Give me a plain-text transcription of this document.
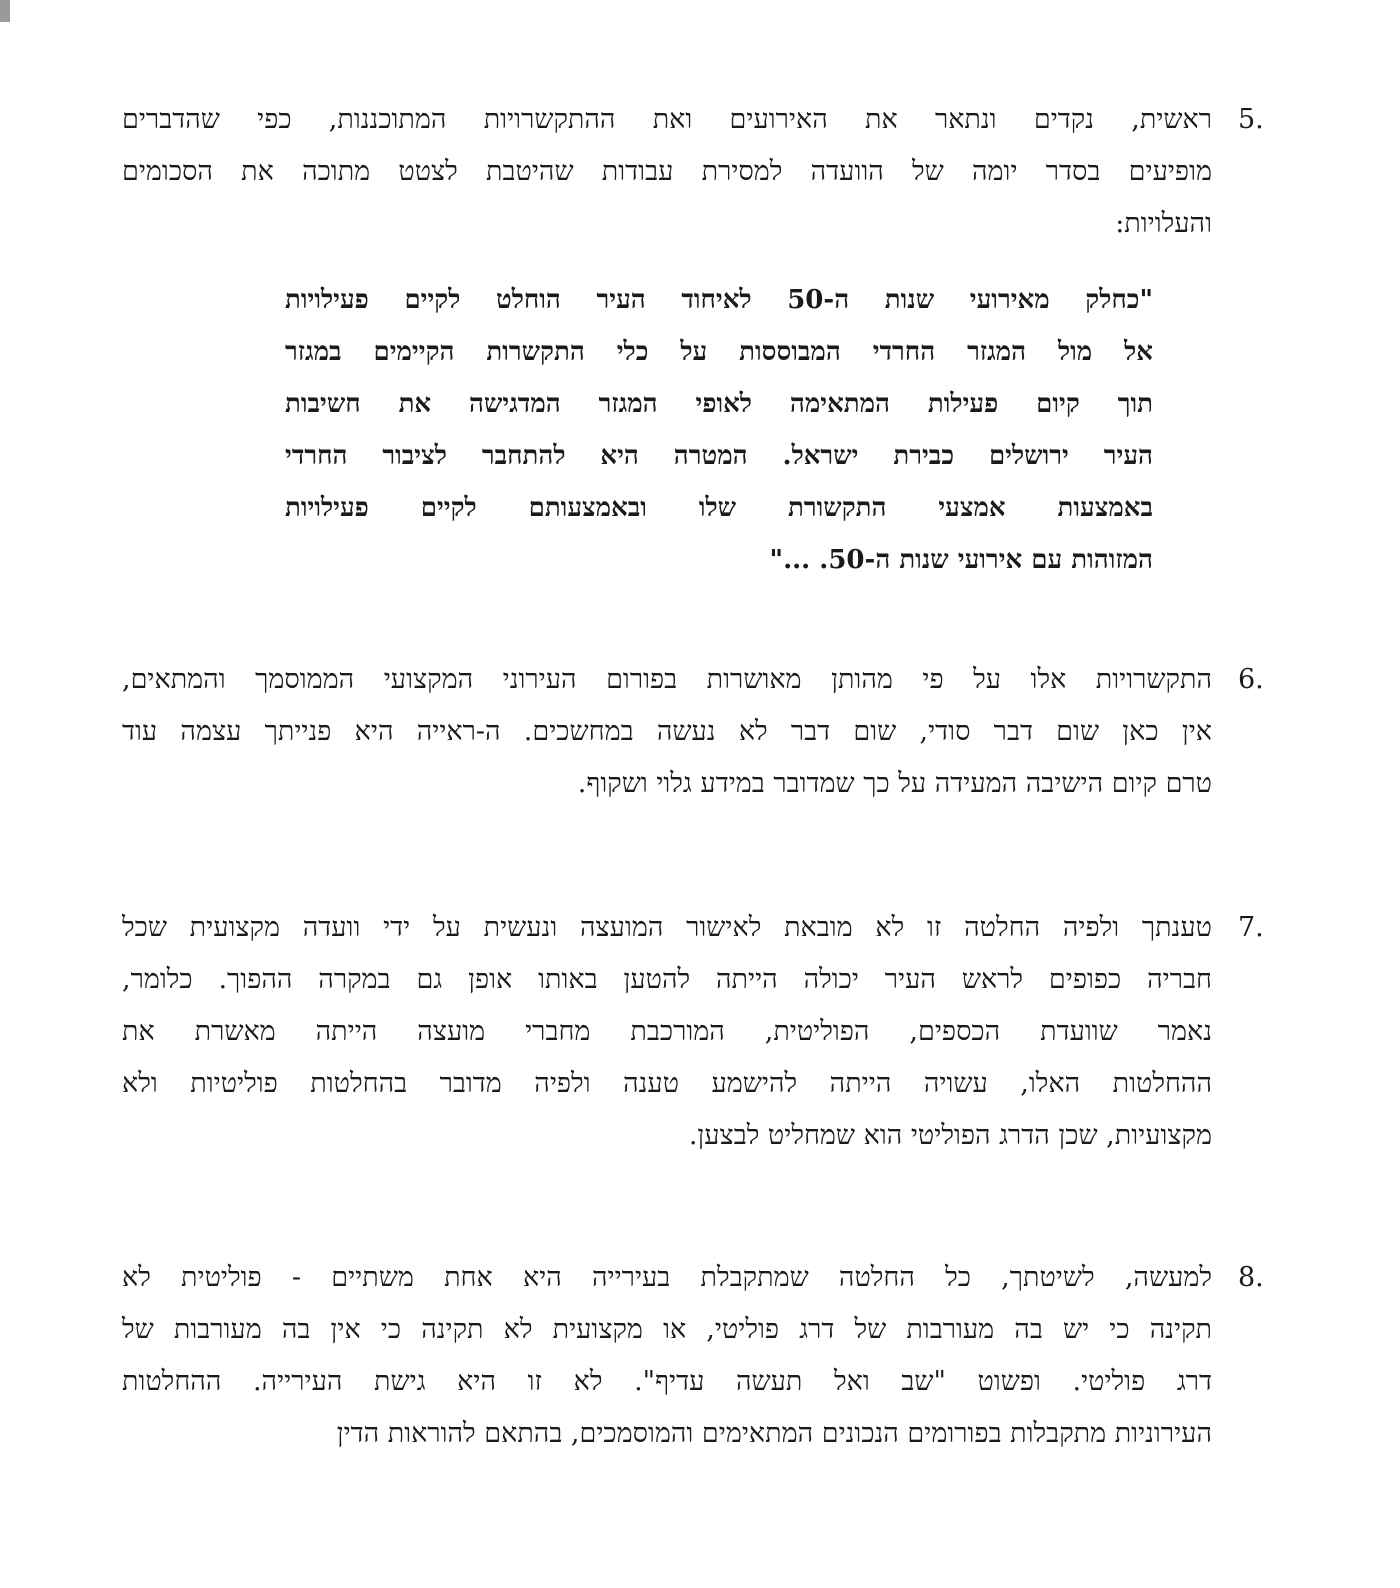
5.
ראשית, נקדים ונתאר את האירועים ואת ההתקשרויות המתוכננות, כפי שהדברים
מופיעים בסדר יומה של הוועדה למסירת עבודות שהיטבת לצטט מתוכה את הסכומים
והעלויות:
"כחלק מאירועי שנות ה-50 לאיחוד העיר הוחלט לקיים פעילויות
אל מול המגזר החרדי המבוססות על כלי התקשרות הקיימים במגזר
תוך קיום פעילות המתאימה לאופי המגזר המדגישה את חשיבות
העיר ירושלים כבירת ישראל. המטרה היא להתחבר לציבור החרדי
באמצעות אמצעי התקשורת שלו ובאמצעותם לקיים פעילויות
המזוהות עם אירועי שנות ה-50. ..."
6.
התקשרויות אלו על פי מהותן מאושרות בפורום העירוני המקצועי הממוסמך והמתאים,
אין כאן שום דבר סודי, שום דבר לא נעשה במחשכים. ה-ראייה היא פנייתך עצמה עוד
טרם קיום הישיבה המעידה על כך שמדובר במידע גלוי ושקוף.
7.
טענתך ולפיה החלטה זו לא מובאת לאישור המועצה ונעשית על ידי וועדה מקצועית שכל
חבריה כפופים לראש העיר יכולה הייתה להטען באותו אופן גם במקרה ההפוך. כלומר,
נאמר שוועדת הכספים, הפוליטית, המורכבת מחברי מועצה הייתה מאשרת את
ההחלטות האלו, עשויה הייתה להישמע טענה ולפיה מדובר בהחלטות פוליטיות ולא
מקצועיות, שכן הדרג הפוליטי הוא שמחליט לבצען.
8.
למעשה, לשיטתך, כל החלטה שמתקבלת בעירייה היא אחת משתיים - פוליטית לא
תקינה כי יש בה מעורבות של דרג פוליטי, או מקצועית לא תקינה כי אין בה מעורבות של
דרג פוליטי. ופשוט "שב ואל תעשה עדיף". לא זו היא גישת העירייה. ההחלטות
העירוניות מתקבלות בפורומים הנכונים המתאימים והמוסמכים, בהתאם להוראות הדין
